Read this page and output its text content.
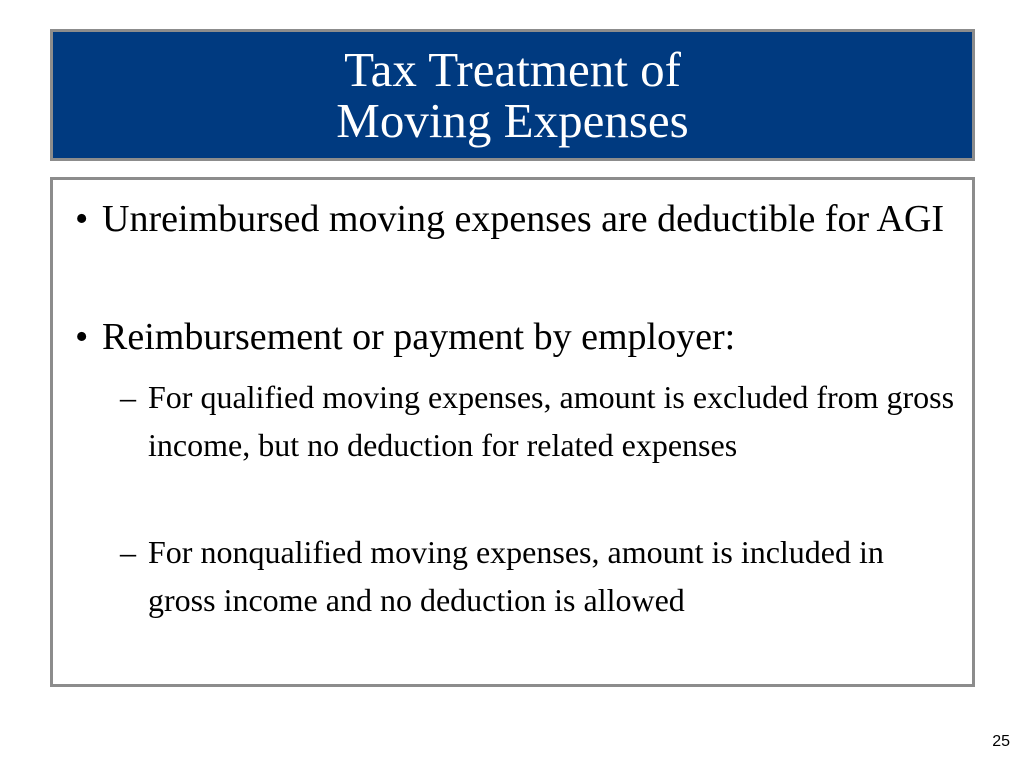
Tax Treatment of
Moving Expenses
• Unreimbursed moving expenses are deductible for AGI
• Reimbursement or payment by employer:
– For qualified moving expenses, amount is excluded from gross income, but no deduction for related expenses
– For nonqualified moving expenses, amount is included in gross income and no deduction is allowed
25
